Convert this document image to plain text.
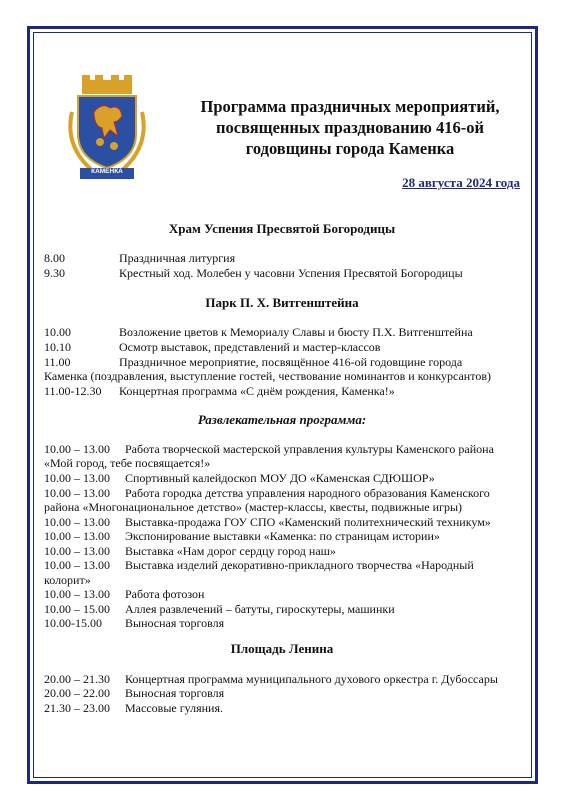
КАМЕНКА
Программа праздничных мероприятий,
посвященных празднованию 416-ой
годовщины города Каменка
28 августа 2024 года
Храм Успения Пресвятой Богородицы
8.00	Праздничная литургия
9.30	Крестный ход. Молебен у часовни Успения Пресвятой Богородицы
Парк П. Х. Витгенштейна
10.00	Возложение цветов к Мемориалу Славы и бюсту П.Х. Витгенштейна
10.10	Осмотр выставок, представлений и мастер-классов
11.00	Праздничное мероприятие, посвящённое 416-ой годовщине города
Каменка (поздравления, выступление гостей, чествование номинантов и конкурсантов)
11.00-12.30 Концертная программа «С днём рождения, Каменка!»
Развлекательная программа:
10.00 – 13.00 Работа творческой мастерской управления культуры Каменского района
«Мой город, тебе посвящается!»
10.00 – 13.00 Спортивный калейдоскоп МОУ ДО «Каменская СДЮШОР»
10.00 – 13.00 Работа городка детства управления народного образования Каменского
района «Многонациональное детство» (мастер-классы, квесты, подвижные игры)
10.00 – 13.00 Выставка-продажа ГОУ СПО «Каменский политехнический техникум»
10.00 – 13.00 Экспонирование выставки «Каменка: по страницам истории»
10.00 – 13.00 Выставка «Нам дорог сердцу город наш»
10.00 – 13.00 Выставка изделий декоративно-прикладного творчества «Народный
колорит»
10.00 – 13.00 Работа фотозон
10.00 – 15.00 Аллея развлечений – батуты, гироскутеры, машинки
10.00-15.00 Выносная торговля
Площадь Ленина
20.00 – 21.30 Концертная программа муниципального духового оркестра г. Дубоссары
20.00 – 22.00 Выносная торговля
21.30 – 23.00 Массовые гуляния.
